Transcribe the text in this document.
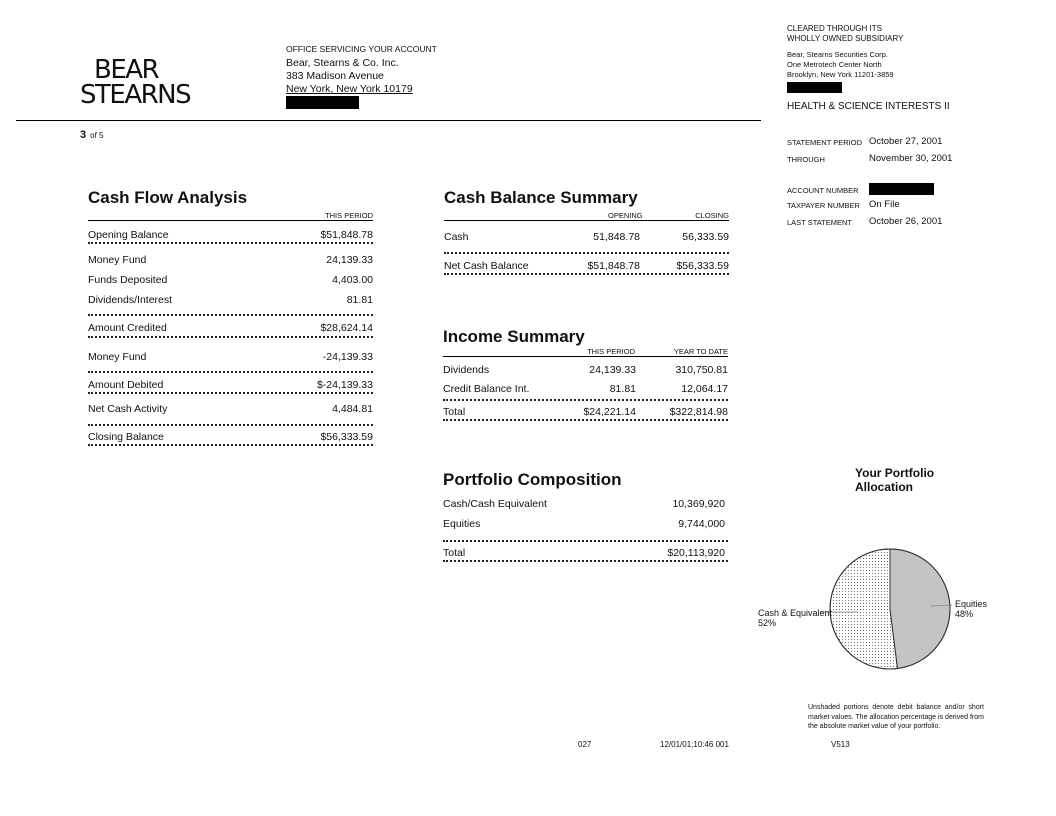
BEAR
STEARNS
OFFICE SERVICING YOUR ACCOUNT
Bear, Stearns & Co. Inc.
383 Madison Avenue
New York, New York 10179
3 of 5
CLEARED THROUGH ITS
WHOLLY OWNED SUBSIDIARY
Bear, Stearns Securities Corp.
One Metrotech Center North
Brooklyn, New York 11201-3859
HEALTH & SCIENCE INTERESTS II
STATEMENT PERIOD October 27, 2001
THROUGH	November 30, 2001
ACCOUNT NUMBER
TAXPAYER NUMBER On File
LAST STATEMENT October 26, 2001
Cash Flow Analysis
THIS PERIOD
Opening Balance	$51,848.78
Money Fund	24,139.33
Funds Deposited	4,403.00
Dividends/Interest	81.81
Amount Credited	$28,624.14
Money Fund	-24,139.33
Amount Debited	$-24,139.33
Net Cash Activity	4,484.81
Closing Balance	$56,333.59
Cash Balance Summary
OPENING	CLOSING
Cash	51,848.78	56,333.59
Net Cash Balance	$51,848.78	$56,333.59
Income Summary
THIS PERIOD	YEAR TO DATE
Dividends	24,139.33	310,750.81
Credit Balance Int.	81.81	12,064.17
Total	$24,221.14	$322,814.98
Portfolio Composition
Cash/Cash Equivalent	10,369,920
Equities	9,744,000
Total	$20,113,920
Your Portfolio
Allocation
Cash & Equivalent
52%
Equities
48%
Unshaded portions denote debit balance and/or short market values. The allocation percentage is derived from the absolute market value of your portfolio.
027	12/01/01;10:46 001	V513
